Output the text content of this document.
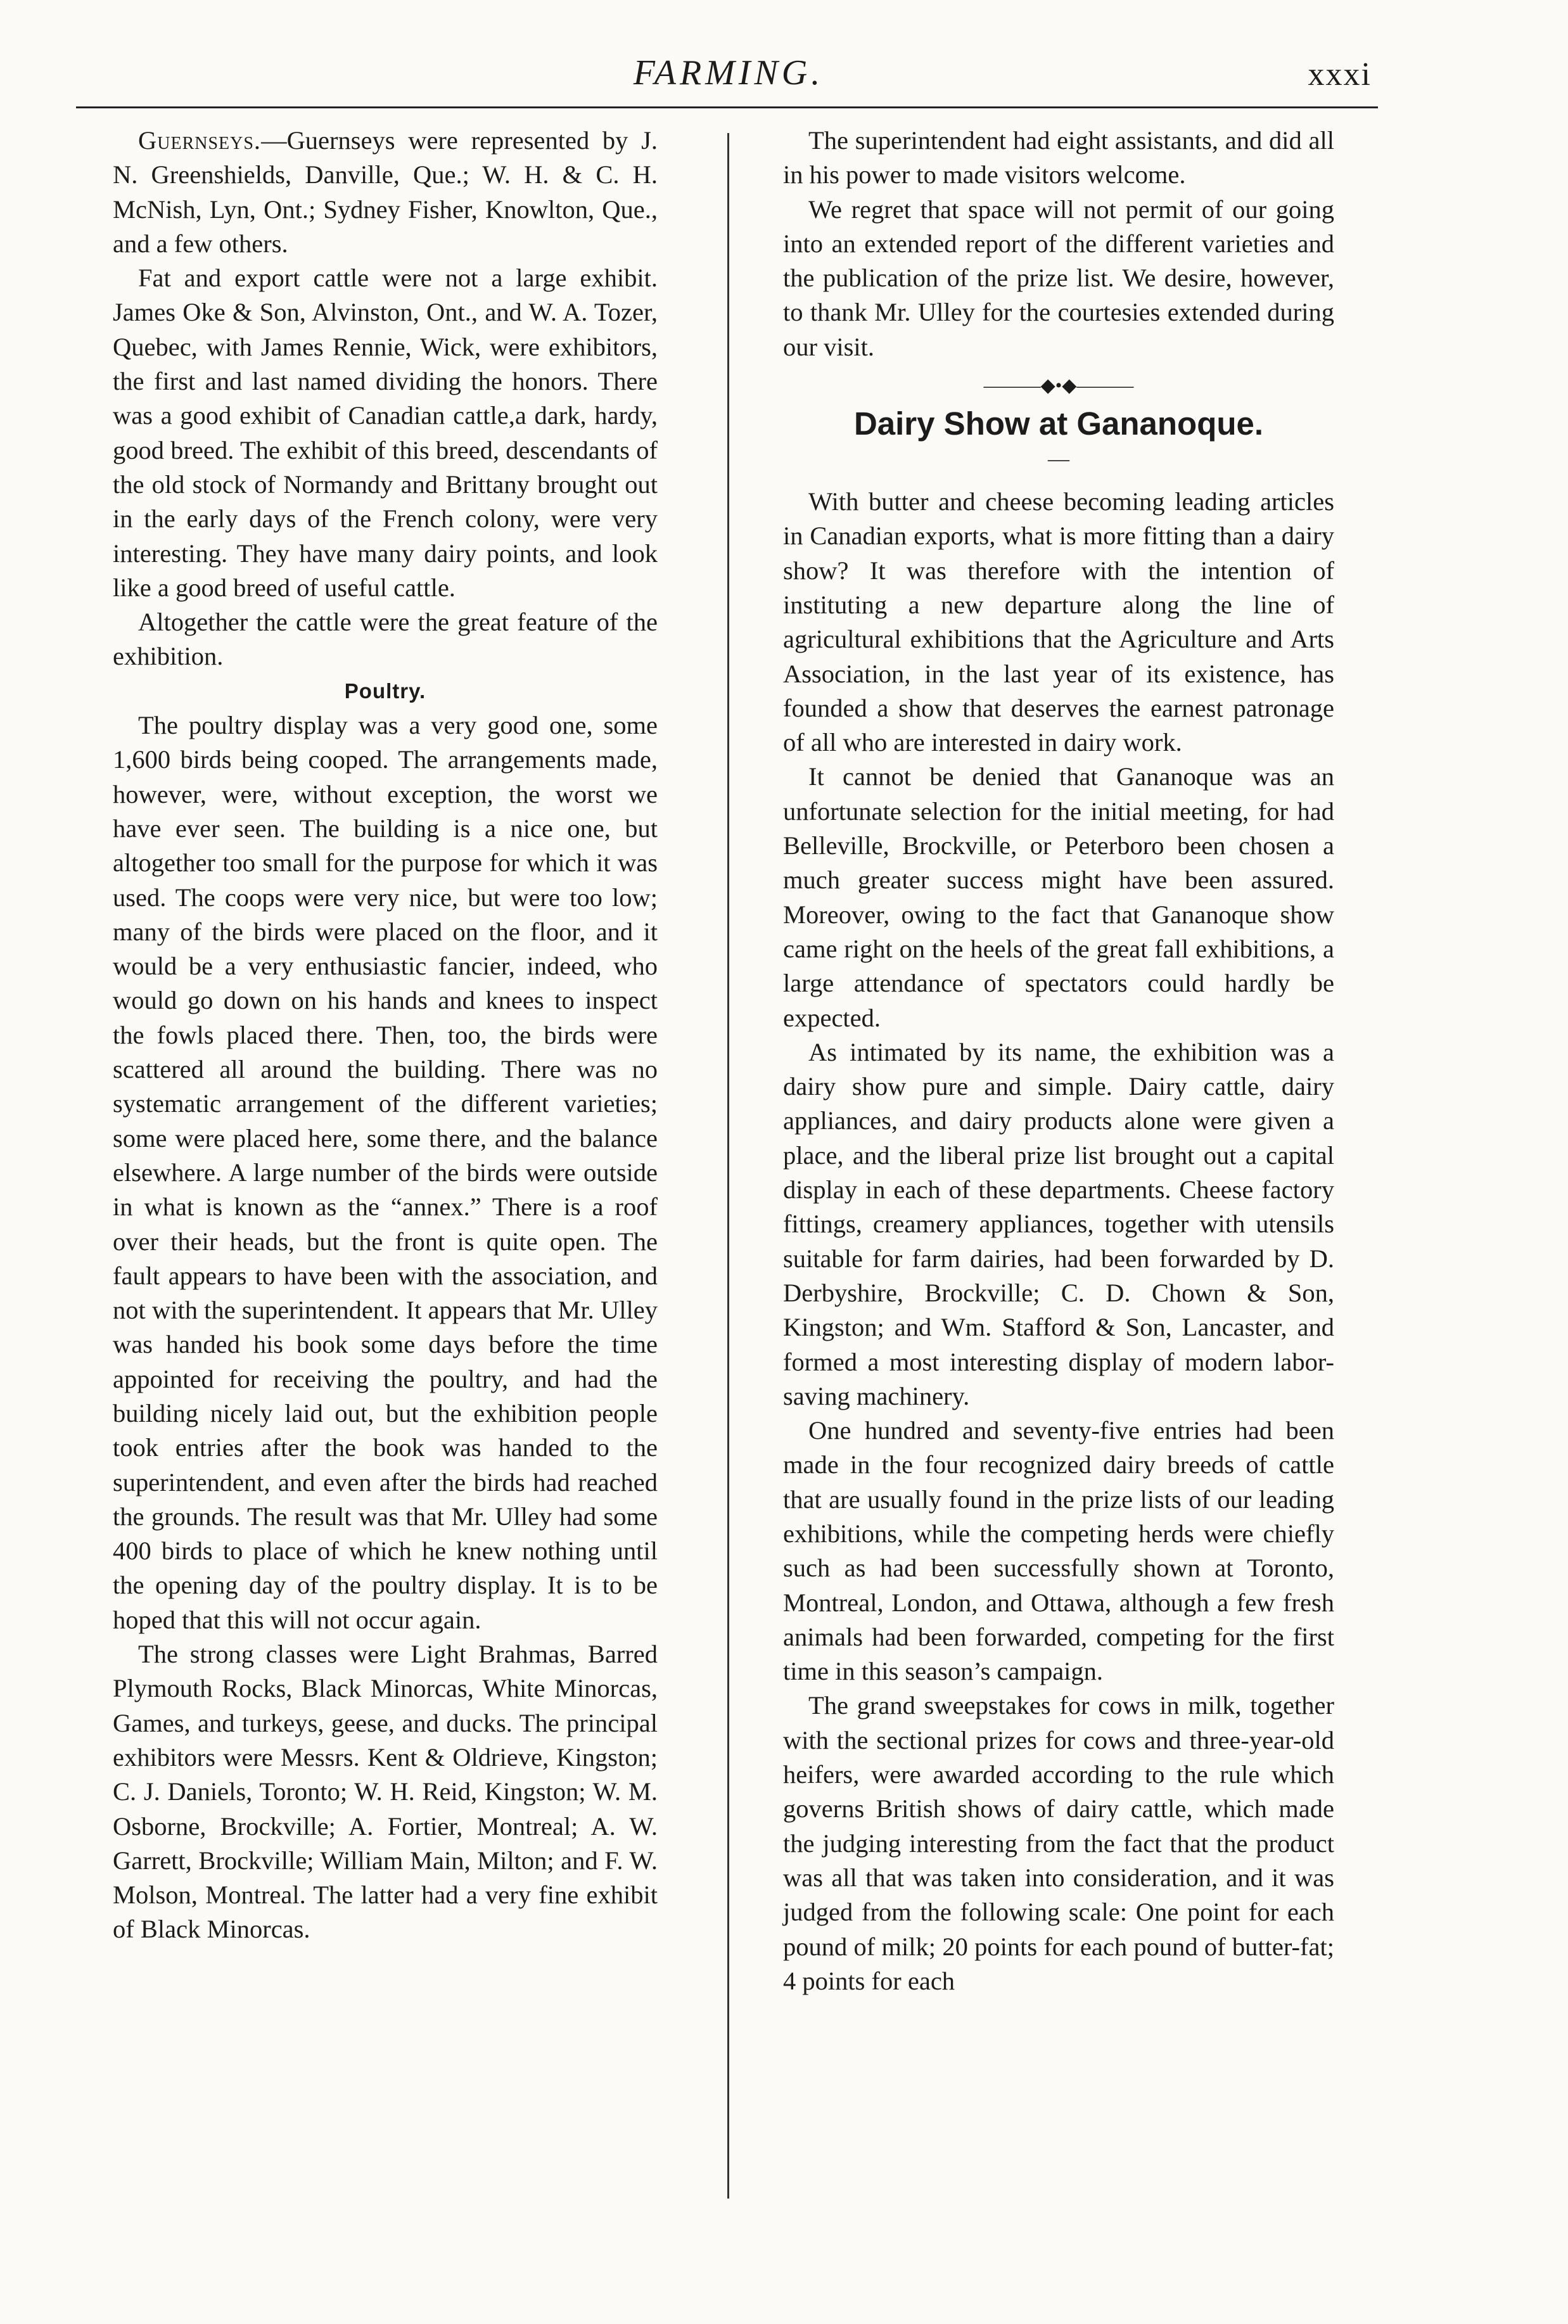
FARMING.	xxxi

Guernseys.—Guernseys were represented by J. N. Greenshields, Danville, Que.; W. H. & C. H. McNish, Lyn, Ont.; Sydney Fisher, Knowlton, Que., and a few others.

Fat and export cattle were not a large exhibit. James Oke & Son, Alvinston, Ont., and W. A. Tozer, Quebec, with James Rennie, Wick, were exhibitors, the first and last named dividing the honors. There was a good exhibit of Canadian cattle,a dark, hardy, good breed. The exhibit of this breed, descendants of the old stock of Normandy and Brittany brought out in the early days of the French colony, were very interesting. They have many dairy points, and look like a good breed of useful cattle.

Altogether the cattle were the great feature of the exhibition.

Poultry.

The poultry display was a very good one, some 1,600 birds being cooped. The arrangements made, however, were, without exception, the worst we have ever seen. The building is a nice one, but altogether too small for the purpose for which it was used. The coops were very nice, but were too low; many of the birds were placed on the floor, and it would be a very enthusiastic fancier, indeed, who would go down on his hands and knees to inspect the fowls placed there. Then, too, the birds were scattered all around the building. There was no systematic arrangement of the different varieties; some were placed here, some there, and the balance elsewhere. A large number of the birds were outside in what is known as the “annex.” There is a roof over their heads, but the front is quite open. The fault appears to have been with the association, and not with the superintendent. It appears that Mr. Ulley was handed his book some days before the time appointed for receiving the poultry, and had the building nicely laid out, but the exhibition people took entries after the book was handed to the superintendent, and even after the birds had reached the grounds. The result was that Mr. Ulley had some 400 birds to place of which he knew nothing until the opening day of the poultry display. It is to be hoped that this will not occur again.

The strong classes were Light Brahmas, Barred Plymouth Rocks, Black Minorcas, White Minorcas, Games, and turkeys, geese, and ducks. The principal exhibitors were Messrs. Kent & Oldrieve, Kingston; C. J. Daniels, Toronto; W. H. Reid, Kingston; W. M. Osborne, Brockville; A. Fortier, Montreal; A. W. Garrett, Brockville; William Main, Milton; and F. W. Molson, Montreal. The latter had a very fine exhibit of Black Minorcas.

The superintendent had eight assistants, and did all in his power to made visitors welcome.

We regret that space will not permit of our going into an extended report of the different varieties and the publication of the prize list. We desire, however, to thank Mr. Ulley for the courtesies extended during our visit.

———◆•◆———
Dairy Show at Gananoque.
—

With butter and cheese becoming leading articles in Canadian exports, what is more fitting than a dairy show? It was therefore with the intention of instituting a new departure along the line of agricultural exhibitions that the Agriculture and Arts Association, in the last year of its existence, has founded a show that deserves the earnest patronage of all who are interested in dairy work.

It cannot be denied that Gananoque was an unfortunate selection for the initial meeting, for had Belleville, Brockville, or Peterboro been chosen a much greater success might have been assured. Moreover, owing to the fact that Gananoque show came right on the heels of the great fall exhibitions, a large attendance of spectators could hardly be expected.

As intimated by its name, the exhibition was a dairy show pure and simple. Dairy cattle, dairy appliances, and dairy products alone were given a place, and the liberal prize list brought out a capital display in each of these departments. Cheese factory fittings, creamery appliances, together with utensils suitable for farm dairies, had been forwarded by D. Derbyshire, Brockville; C. D. Chown & Son, Kingston; and Wm. Stafford & Son, Lancaster, and formed a most interesting display of modern labor-saving machinery.

One hundred and seventy-five entries had been made in the four recognized dairy breeds of cattle that are usually found in the prize lists of our leading exhibitions, while the competing herds were chiefly such as had been successfully shown at Toronto, Montreal, London, and Ottawa, although a few fresh animals had been forwarded, competing for the first time in this season’s campaign.

The grand sweepstakes for cows in milk, together with the sectional prizes for cows and three-year-old heifers, were awarded according to the rule which governs British shows of dairy cattle, which made the judging interesting from the fact that the product was all that was taken into consideration, and it was judged from the following scale: One point for each pound of milk; 20 points for each pound of butter-fat; 4 points for each
